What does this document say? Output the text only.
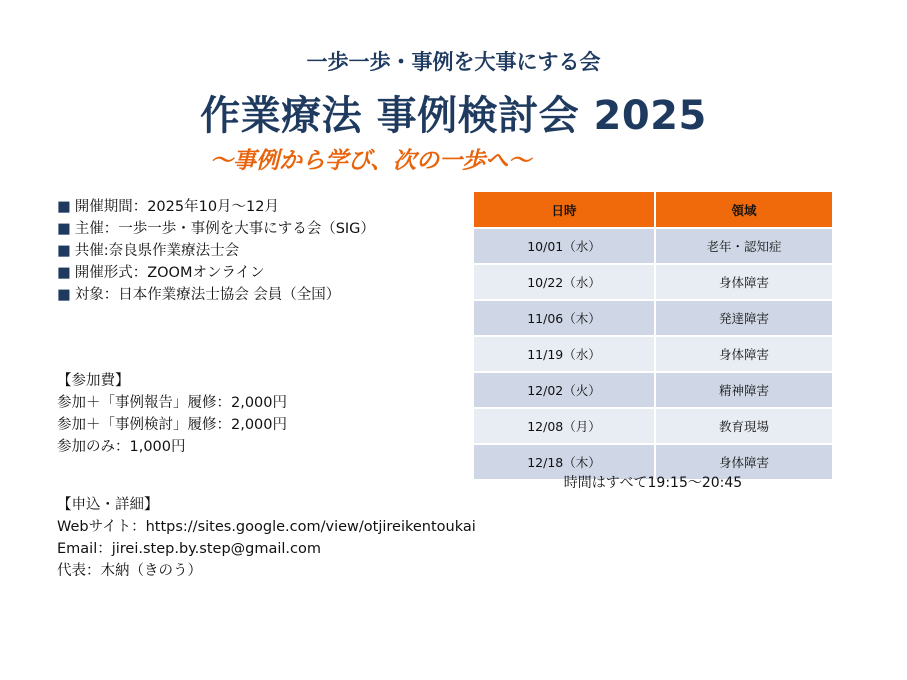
一歩一歩・事例を大事にする会
作業療法 事例検討会 2025
〜事例から学び、次の一歩へ〜
■ 開催期間：2025年10月〜12月
■ 主催：一歩一歩・事例を大事にする会（SIG）
■ 共催:奈良県作業療法士会
■ 開催形式：ZOOMオンライン
■ 対象：日本作業療法士協会 会員（全国）
【参加費】
参加＋「事例報告」履修：2,000円
参加＋「事例検討」履修：2,000円
参加のみ：1,000円
【申込・詳細】
Webサイト：https://sites.google.com/view/otjireikentoukai
Email：jirei.step.by.step@gmail.com
代表：木納（きのう）
日時	領域
10/01（水）	老年・認知症
10/22（水）	身体障害
11/06（木）	発達障害
11/19（水）	身体障害
12/02（火）	精神障害
12/08（月）	教育現場
12/18（木）	身体障害
時間はすべて19:15〜20:45
